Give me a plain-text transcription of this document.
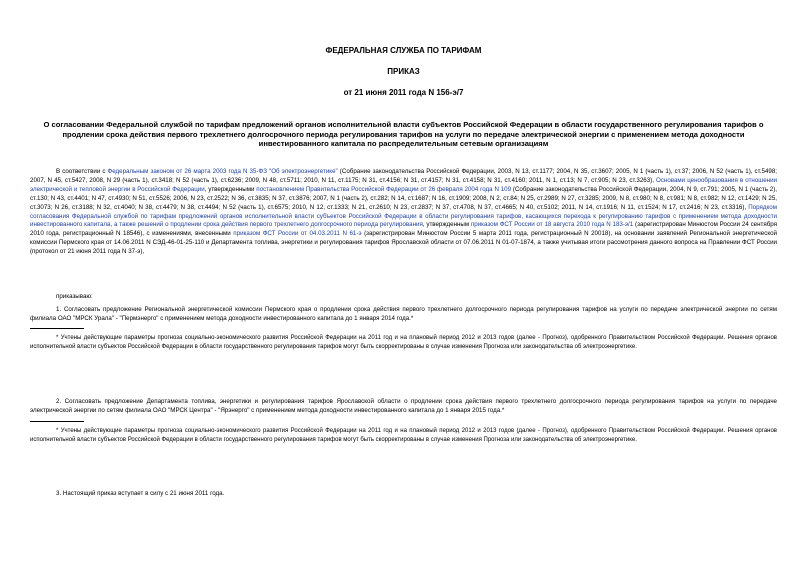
ФЕДЕРАЛЬНАЯ СЛУЖБА ПО ТАРИФАМ
ПРИКАЗ
от 21 июня 2011 года N 156-э/7
О согласовании Федеральной службой по тарифам предложений органов исполнительной власти субъектов Российской Федерации в области государственного регулирования тарифов о продлении срока действия первого трехлетнего долгосрочного периода регулирования тарифов на услуги по передаче электрической энергии с применением метода доходности инвестированного капитала по распределительным сетевым организациям

В соответствии с Федеральным законом от 26 марта 2003 года N 35-ФЗ "Об электроэнергетике" (Собрание законодательства Российской Федерации, 2003, N 13, ст.1177; 2004, N 35, ст.3607; 2005, N 1 (часть 1), ст.37; 2006, N 52 (часть 1), ст.5498; 2007, N 45, ст.5427, 2008, N 29 (часть 1), ст.3418; N 52 (часть 1), ст.6236; 2009, N 48, ст.5711; 2010, N 11, ст.1175; N 31, ст.4156; N 31, ст.4157; N 31, ст.4158; N 31, ст.4160; 2011, N 1, ст.13; N 7, ст.905; N 23, ст.3263), Основами ценообразования в отношении электрической и тепловой энергии в Российской Федерации, утвержденными постановлением Правительства Российской Федерации от 26 февраля 2004 года N 109 (Собрание законодательства Российской Федерации, 2004, N 9, ст.791; 2005, N 1 (часть 2), ст.130; N 43, ст.4401; N 47, ст.4930; N 51, ст.5526; 2006, N 23, ст.2522; N 36, ст.3835; N 37, ст.3876; 2007, N 1 (часть 2), ст.282; N 14, ст.1687; N 16, ст.1909; 2008, N 2, ст.84; N 25, ст.2989; N 27, ст.3285; 2009, N 8, ст.980; N 8, ст.981; N 8, ст.982; N 12, ст.1429; N 25, ст.3073; N 26, ст.3188; N 32, ст.4040; N 38, ст.4479; N 38, ст.4494; N 52 (часть 1), ст.6575; 2010, N 12, ст.1333; N 21, ст.2610; N 23, ст.2837; N 37, ст.4708, N 37, ст.4665; N 40, ст.5102; 2011, N 14, ст.1916; N 11, ст.1524; N 17, ст.2416; N 23, ст.3316), Порядком согласования Федеральной службой по тарифам предложений органов исполнительной власти субъектов Российской Федерации в области регулирования тарифов, касающихся перехода к регулированию тарифов с применением метода доходности инвестированного капитала, а также решений о продлении срока действия первого трехлетнего долгосрочного периода регулирования, утвержденным приказом ФСТ России от 18 августа 2010 года N 183-э/1 (зарегистрирован Минюстом России 24 сентября 2010 года, регистрационный N 18546), с изменениями, внесенными приказом ФСТ России от 04.03.2011 N 61-э (зарегистрирован Минюстом России 5 марта 2011 года, регистрационный N 20018), на основании заявлений Региональной энергетической комиссии Пермского края от 14.06.2011 N СЭД-46-01-25-110 и Департамента топлива, энергетики и регулирования тарифов Ярославской области от 07.06.2011 N 01-07-1874, а также учитывая итоги рассмотрения данного вопроса на Правлении ФСТ России (протокол от 21 июня 2011 года N 37-э),

приказываю:

1. Согласовать предложение Региональной энергетической комиссии Пермского края о продлении срока действия первого трехлетнего долгосрочного периода регулирования тарифов на услуги по передаче электрической энергии по сетям филиала ОАО "МРСК Урала" - "Пермэнерго" с применением метода доходности инвестированного капитала до 1 января 2014 года.*

* Учтены действующие параметры прогноза социально-экономического развития Российской Федерации на 2011 год и на плановый период 2012 и 2013 годов (далее - Прогноз), одобренного Правительством Российской Федерации. Решения органов исполнительной власти субъектов Российской Федерации в области государственного регулирования тарифов могут быть скорректированы в случае изменения Прогноза или законодательства об электроэнергетике.

2. Согласовать предложение Департамента топлива, энергетики и регулирования тарифов Ярославской области о продлении срока действия первого трехлетнего долгосрочного периода регулирования тарифов на услуги по передаче электрической энергии по сетям филиала ОАО "МРСК Центра" - "Ярэнерго" с применением метода доходности инвестированного капитала до 1 января 2015 года.*

* Учтены действующие параметры прогноза социально-экономического развития Российской Федерации на 2011 год и на плановый период 2012 и 2013 годов (далее - Прогноз), одобренного Правительством Российской Федерации. Решения органов исполнительной власти субъектов Российской Федерации в области государственного регулирования тарифов могут быть скорректированы в случае изменения Прогноза или законодательства об электроэнергетике.

3. Настоящий приказ вступает в силу с 21 июня 2011 года.
